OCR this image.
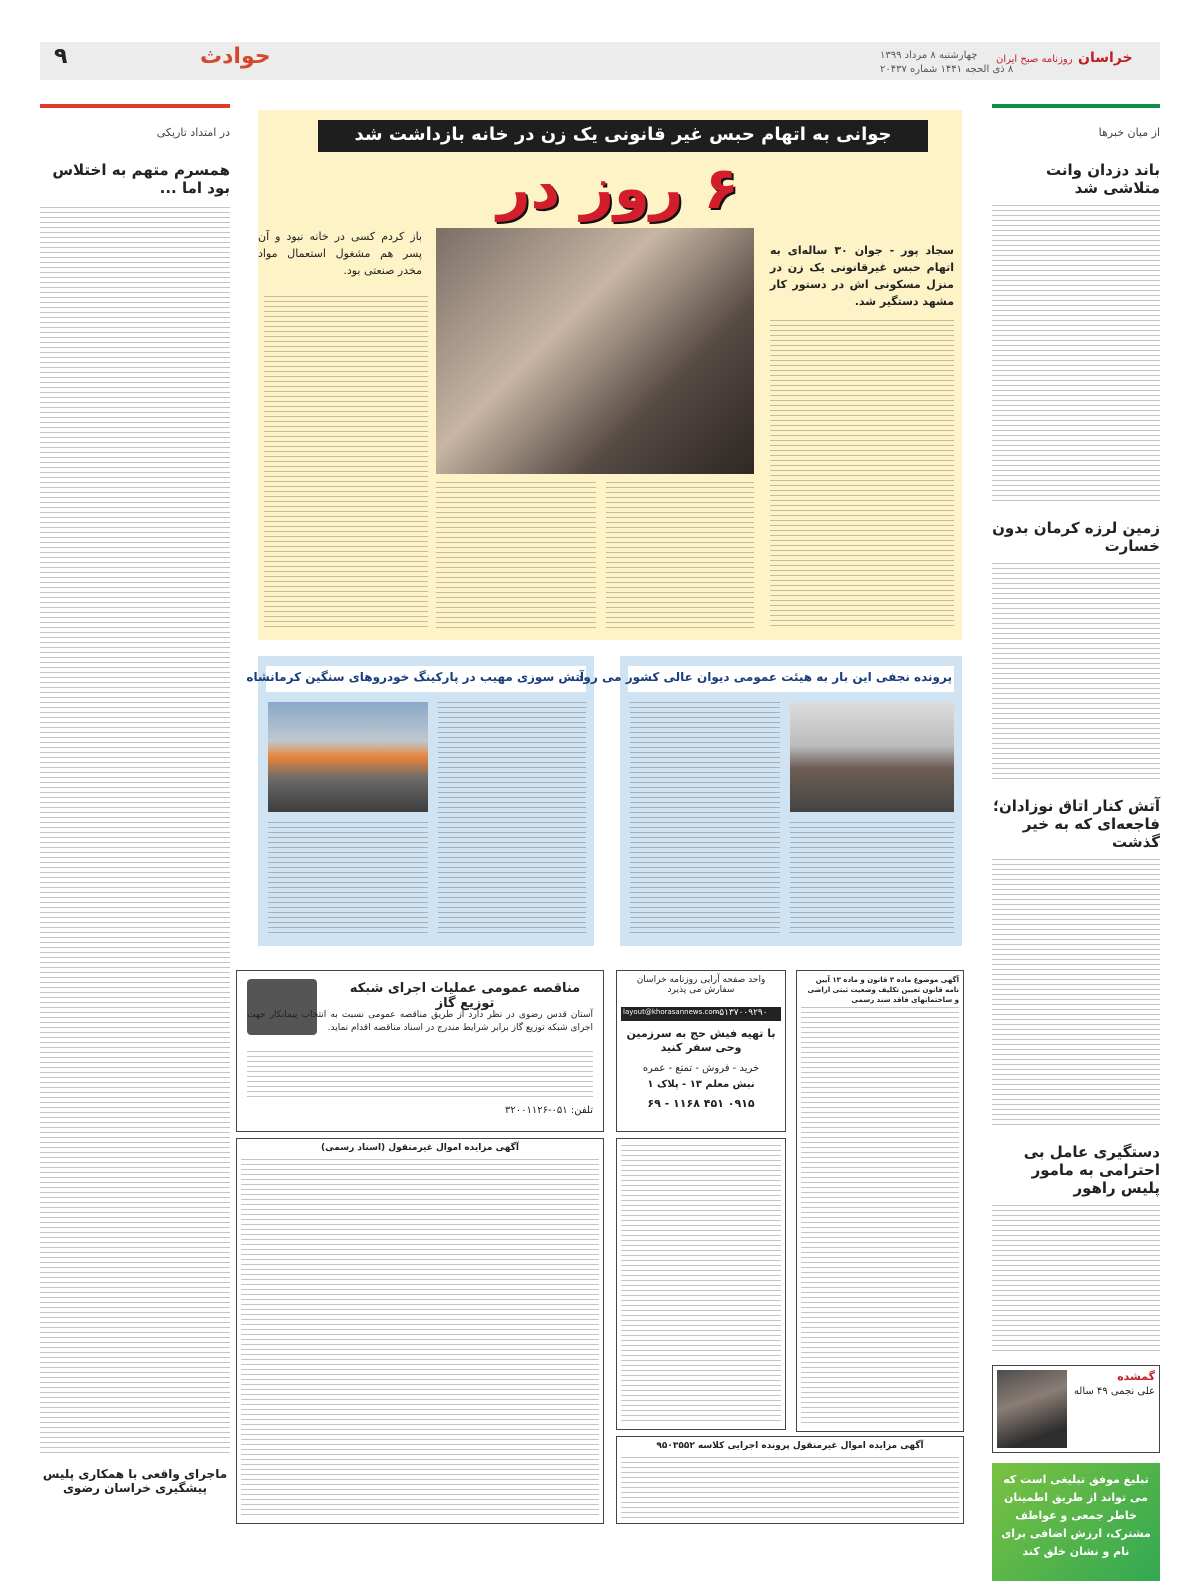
خراسان
روزنامه صبح ایران
چهارشنبه ۸ مرداد ۱۳۹۹
۸ ذی الحجه ۱۴۴۱ شماره ۲۰۴۳۷
حوادث
۹
از میان خبرها
باند دزدان وانت متلاشی شد
زمین لرزه کرمان بدون خسارت
آتش کنار اتاق نوزادان؛ فاجعه‌ای که به خیر گذشت
دستگیری عامل بی احترامی به مامور پلیس راهور
گمشده
علی نجمی ۴۹ ساله
تبلیغ موفق تبلیغی است که می تواند از طریق اطمینان خاطر جمعی و عواطف مشترک، ارزش اضافی برای نام و نشان خلق کند
در امتداد تاریکی
همسرم متهم به اختلاس بود اما ...
ماجرای واقعی با همکاری پلیس پیشگیری خراسان رضوی
جوانی به اتهام حبس غیر قانونی یک زن در خانه بازداشت شد
۶ روز در
سجاد پور - جوان ۳۰ ساله‌ای به اتهام حبس غیرقانونی یک زن در منزل مسکونی اش در دستور کار مشهد دستگیر شد.
باز کردم کسی در خانه نبود و آن پسر هم مشغول استعمال مواد مخدر صنعتی بود.
آتش سوزی مهیب در پارکینگ خودروهای سنگین کرمانشاه
پرونده نجفی این بار به هیئت عمومی دیوان عالی کشور می رود
مناقصه عمومی عملیات اجرای شبکه توزیع گاز
آستان قدس رضوی در نظر دارد از طریق مناقصه عمومی نسبت به انتخاب پیمانکار جهت اجرای شبکه توزیع گاز برابر شرایط مندرج در اسناد مناقصه اقدام نماید.
تلفن: ۰۵۱-۳۲۰۰۱۱۲۶
واحد صفحه آرایی روزنامه خراسان سفارش می پذیرد
۰۵۱۳۷۰۰۹۲۹۰
layout@khorasannews.com
با تهیه فیش حج به سرزمین وحی سفر کنید
خرید - فروش - تمتع - عمره
نبش معلم ۱۳ - پلاک ۱
۰۹۱۵ ۴۵۱ ۱۱۶۸ - ۶۹
آگهی موضوع ماده ۳ قانون و ماده ۱۳ آیین نامه قانون تعیین تکلیف وضعیت ثبتی اراضی و ساختمانهای فاقد سند رسمی
آگهی مزایده اموال غیرمنقول (اسناد رسمی)
آگهی مزایده اموال غیرمنقول پرونده اجرایی کلاسه ۹۵۰۳۵۵۲
